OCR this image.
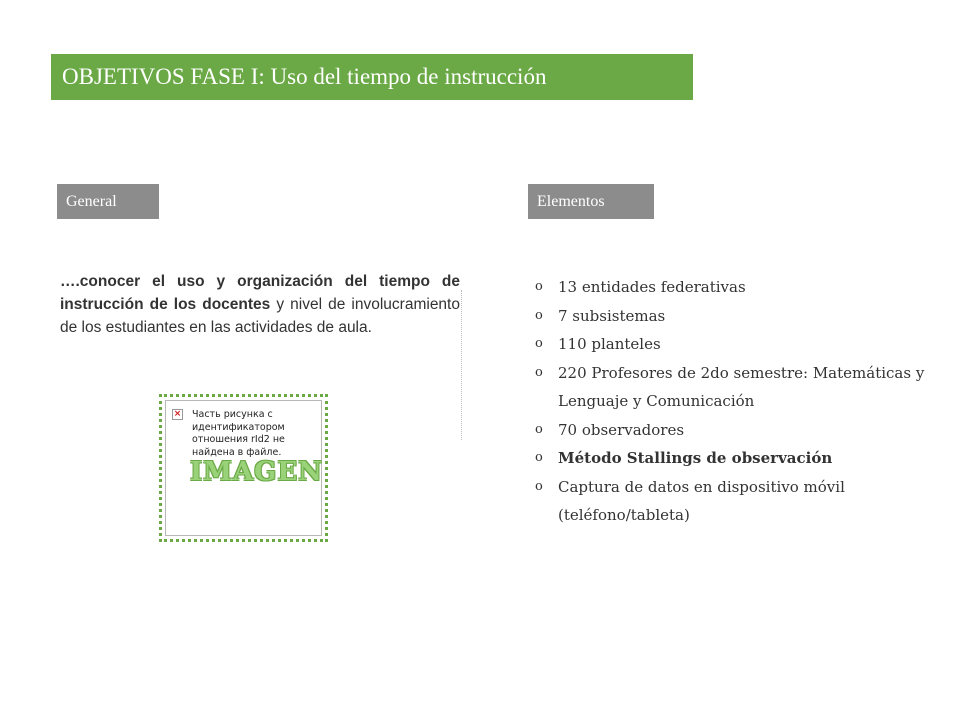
OBJETIVOS FASE I: Uso del tiempo de instrucción
General	Elementos
….conocer el uso y organización del tiempo de instrucción de los docentes y nivel de involucramiento de los estudiantes en las actividades de aula.
× Часть рисунка с идентификатором отношения rId2 не найдена в файле.
IMAGEN
o 13 entidades federativas
o 7 subsistemas
o 110 planteles
o 220 Profesores de 2do semestre: Matemáticas y Lenguaje y Comunicación
o 70 observadores
o Método Stallings de observación
o Captura de datos en dispositivo móvil (teléfono/tableta)
